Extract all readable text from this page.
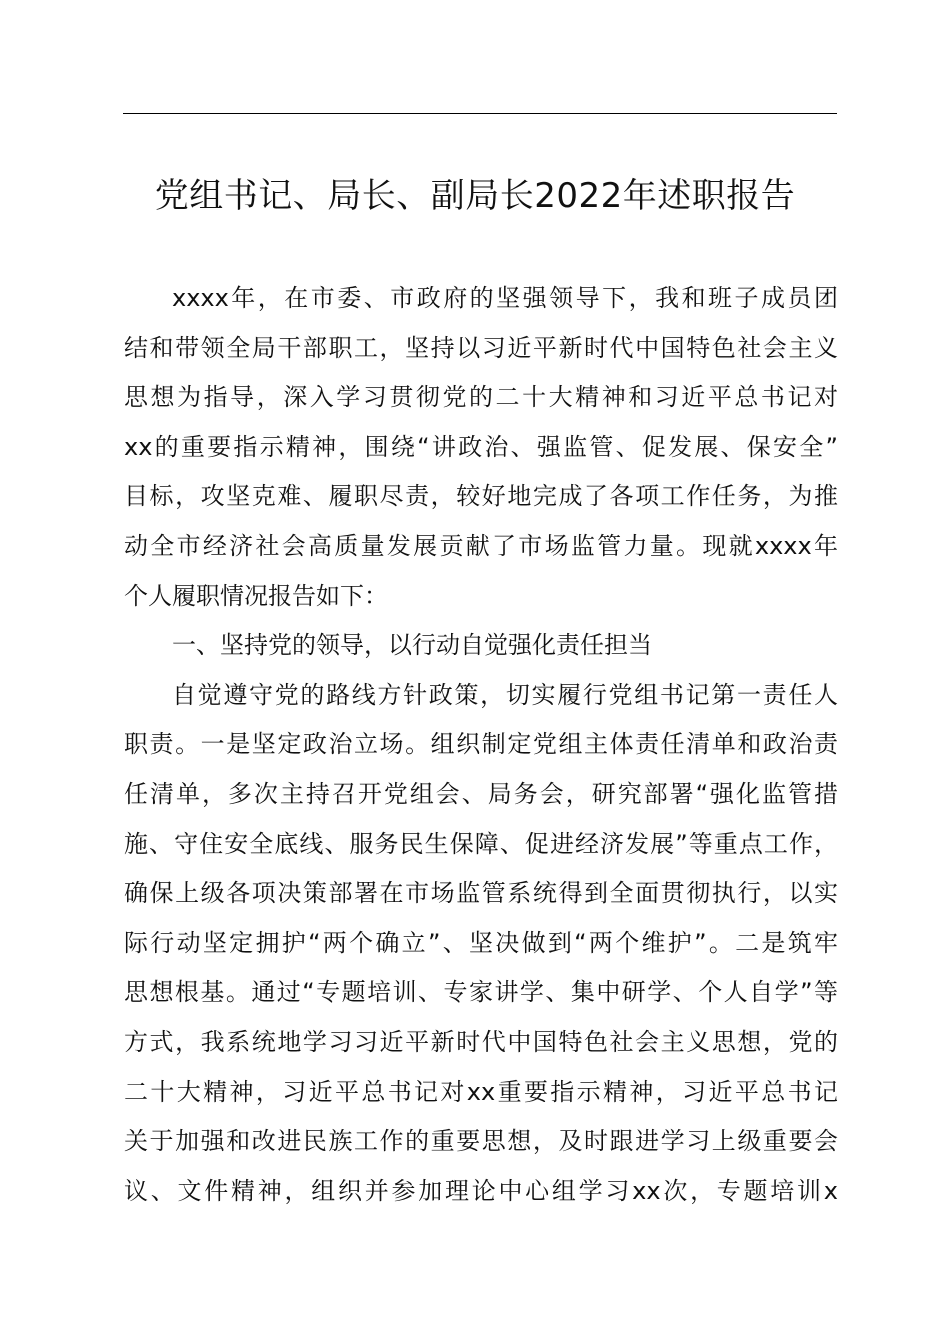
党组书记、局长、副局长2022年述职报告
xxxx年，在市委、市政府的坚强领导下，我和班子成员团
结和带领全局干部职工，坚持以习近平新时代中国特色社会主义
思想为指导，深入学习贯彻党的二十大精神和习近平总书记对
xx的重要指示精神，围绕“讲政治、强监管、促发展、保安全”
目标，攻坚克难、履职尽责，较好地完成了各项工作任务，为推
动全市经济社会高质量发展贡献了市场监管力量。现就xxxx年
个人履职情况报告如下：
一、坚持党的领导，以行动自觉强化责任担当
自觉遵守党的路线方针政策，切实履行党组书记第一责任人
职责。一是坚定政治立场。组织制定党组主体责任清单和政治责
任清单，多次主持召开党组会、局务会，研究部署“强化监管措
施、守住安全底线、服务民生保障、促进经济发展”等重点工作，
确保上级各项决策部署在市场监管系统得到全面贯彻执行，以实
际行动坚定拥护“两个确立”、坚决做到“两个维护”。二是筑牢
思想根基。通过“专题培训、专家讲学、集中研学、个人自学”等
方式，我系统地学习习近平新时代中国特色社会主义思想，党的
二十大精神，习近平总书记对xx重要指示精神，习近平总书记
关于加强和改进民族工作的重要思想，及时跟进学习上级重要会
议、文件精神，组织并参加理论中心组学习xx次，专题培训x
